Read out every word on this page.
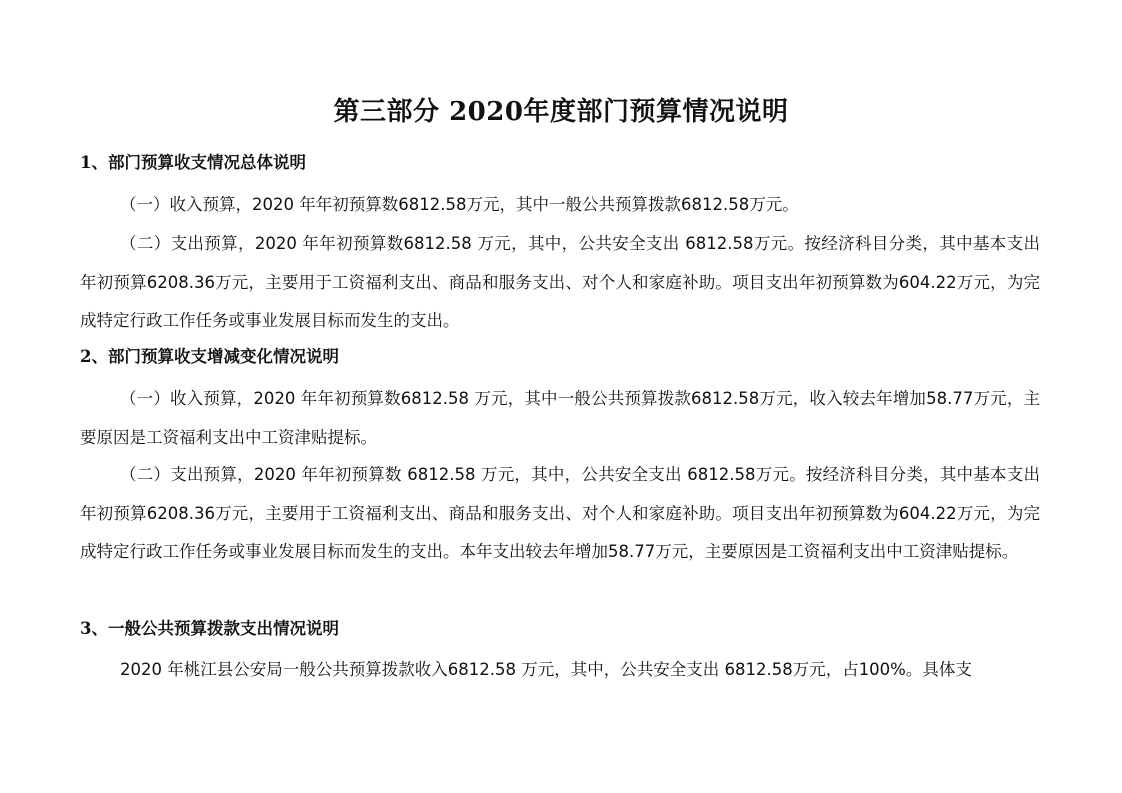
第三部分 2020年度部门预算情况说明
1、部门预算收支情况总体说明
（一）收入预算，2020 年年初预算数6812.58万元，其中一般公共预算拨款6812.58万元。
（二）支出预算，2020 年年初预算数6812.58 万元，其中，公共安全支出 6812.58万元。按经济科目分类，其中基本支出年初预算6208.36万元，主要用于工资福利支出、商品和服务支出、对个人和家庭补助。项目支出年初预算数为604.22万元，为完成特定行政工作任务或事业发展目标而发生的支出。
2、部门预算收支增减变化情况说明
（一）收入预算，2020 年年初预算数6812.58 万元，其中一般公共预算拨款6812.58万元，收入较去年增加58.77万元，主要原因是工资福利支出中工资津贴提标。
（二）支出预算，2020 年年初预算数 6812.58 万元，其中，公共安全支出 6812.58万元。按经济科目分类，其中基本支出年初预算6208.36万元，主要用于工资福利支出、商品和服务支出、对个人和家庭补助。项目支出年初预算数为604.22万元，为完成特定行政工作任务或事业发展目标而发生的支出。本年支出较去年增加58.77万元，主要原因是工资福利支出中工资津贴提标。
3、一般公共预算拨款支出情况说明
2020 年桃江县公安局一般公共预算拨款收入6812.58 万元，其中，公共安全支出 6812.58万元，占100%。具体支
